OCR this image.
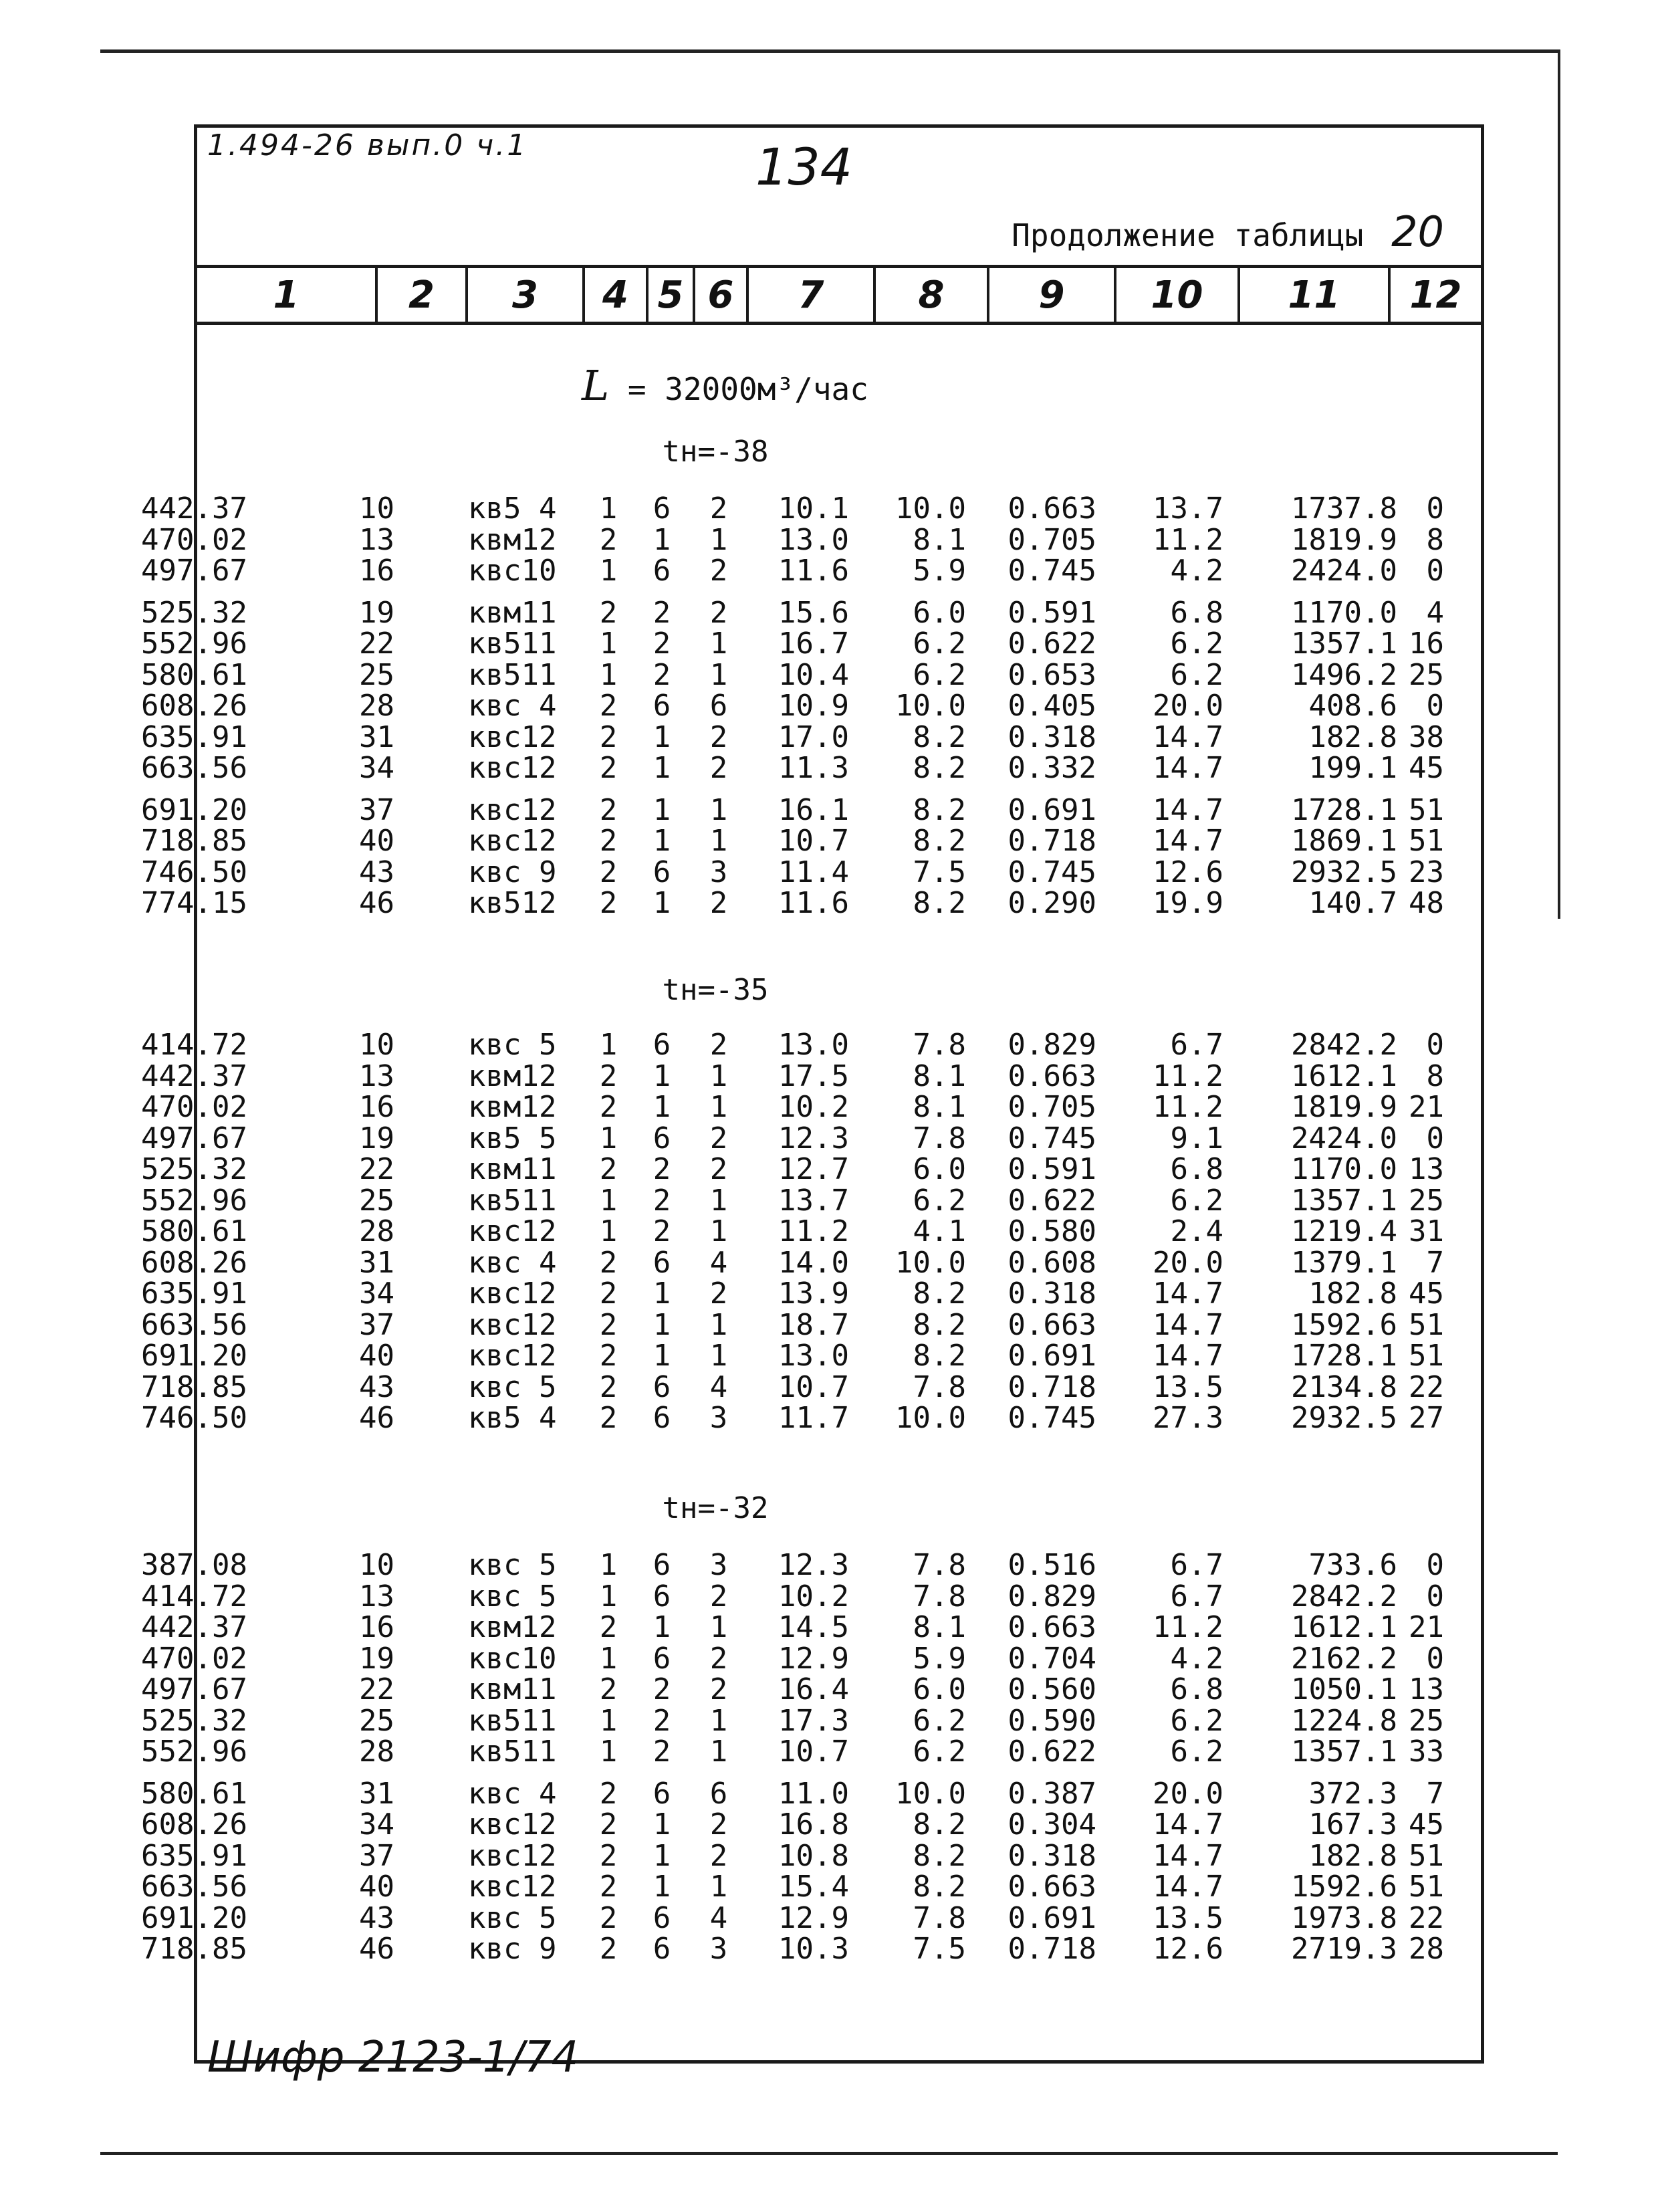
1.494-26 вып.0 ч.1	134
Продолжение таблицы 20
1	2	3	4 5 6	7	8	9	10	11	12
L = 32000м³/час
tн=-38
442.37	10	кв5 4	1 6 2	10.1	10.0	0.663	13.7	1737.8 0
470.02	13	квм12	2 1 1	13.0	8.1	0.705	11.2	1819.9 8
497.67	16	квс10	1 6 2	11.6	5.9	0.745	4.2	2424.0 0
525.32	19	квм11	2 2 2	15.6	6.0	0.591	6.8	1170.0 4
552.96	22	кв511	1 2 1	16.7	6.2	0.622	6.2	1357.1 16
580.61	25	кв511	1 2 1	10.4	6.2	0.653	6.2	1496.2 25
608.26	28	квс 4	2 6 6	10.9	10.0	0.405	20.0	408.6 0
635.91	31	квс12	2 1 2	17.0	8.2	0.318	14.7	182.8 38
663.56	34	квс12	2 1 2	11.3	8.2	0.332	14.7	199.1 45
691.20	37	квс12	2 1 1	16.1	8.2	0.691	14.7	1728.1 51
718.85	40	квс12	2 1 1	10.7	8.2	0.718	14.7	1869.1 51
746.50	43	квс 9	2 6 3	11.4	7.5	0.745	12.6	2932.5 23
774.15	46	кв512	2 1 2	11.6	8.2	0.290	19.9	140.7 48
tн=-35
414.72	10	квс 5	1 6 2	13.0	7.8	0.829	6.7	2842.2 0
442.37	13	квм12	2 1 1	17.5	8.1	0.663	11.2	1612.1 8
470.02	16	квм12	2 1 1	10.2	8.1	0.705	11.2	1819.9 21
497.67	19	кв5 5	1 6 2	12.3	7.8	0.745	9.1	2424.0 0
525.32	22	квм11	2 2 2	12.7	6.0	0.591	6.8	1170.0 13
552.96	25	кв511	1 2 1	13.7	6.2	0.622	6.2	1357.1 25
580.61	28	квс12	1 2 1	11.2	4.1	0.580	2.4	1219.4 31
608.26	31	квс 4	2 6 4	14.0	10.0	0.608	20.0	1379.1 7
635.91	34	квс12	2 1 2	13.9	8.2	0.318	14.7	182.8 45
663.56	37	квс12	2 1 1	18.7	8.2	0.663	14.7	1592.6 51
691.20	40	квс12	2 1 1	13.0	8.2	0.691	14.7	1728.1 51
718.85	43	квс 5	2 6 4	10.7	7.8	0.718	13.5	2134.8 22
746.50	46	кв5 4	2 6 3	11.7	10.0	0.745	27.3	2932.5 27
tн=-32
387.08	10	квс 5	1 6 3	12.3	7.8	0.516	6.7	733.6 0
414.72	13	квс 5	1 6 2	10.2	7.8	0.829	6.7	2842.2 0
442.37	16	квм12	2 1 1	14.5	8.1	0.663	11.2	1612.1 21
470.02	19	квс10	1 6 2	12.9	5.9	0.704	4.2	2162.2 0
497.67	22	квм11	2 2 2	16.4	6.0	0.560	6.8	1050.1 13
525.32	25	кв511	1 2 1	17.3	6.2	0.590	6.2	1224.8 25
552.96	28	кв511	1 2 1	10.7	6.2	0.622	6.2	1357.1 33
580.61	31	квс 4	2 6 6	11.0	10.0	0.387	20.0	372.3 7
608.26	34	квс12	2 1 2	16.8	8.2	0.304	14.7	167.3 45
635.91	37	квс12	2 1 2	10.8	8.2	0.318	14.7	182.8 51
663.56	40	квс12	2 1 1	15.4	8.2	0.663	14.7	1592.6 51
691.20	43	квс 5	2 6 4	12.9	7.8	0.691	13.5	1973.8 22
718.85	46	квс 9	2 6 3	10.3	7.5	0.718	12.6	2719.3 28
Шифр 2123-1/74
